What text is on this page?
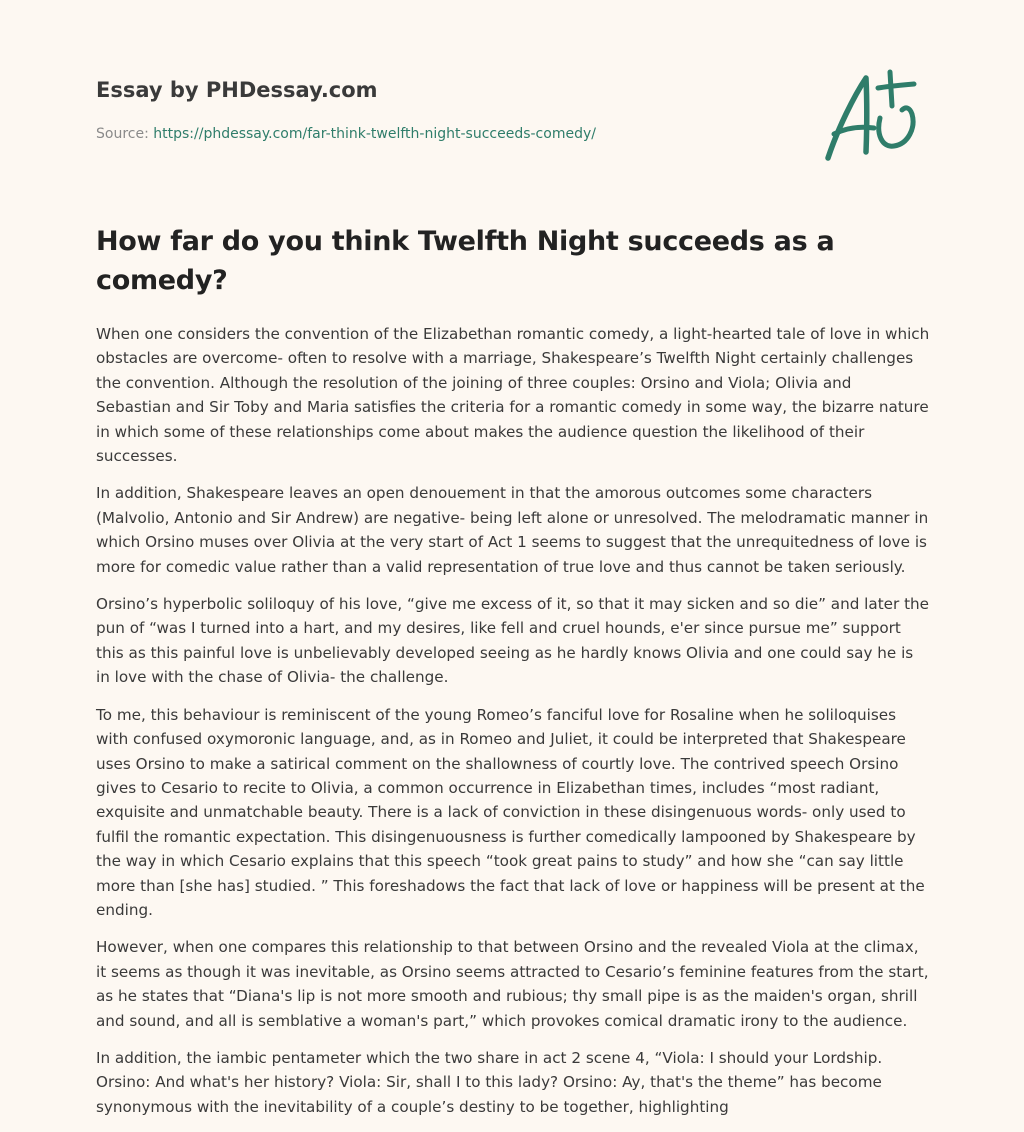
Essay by PHDessay.com
Source: https://phdessay.com/far-think-twelfth-night-succeeds-comedy/
How far do you think Twelfth Night succeeds as a comedy?

When one considers the convention of the Elizabethan romantic comedy, a light-hearted tale of love in which obstacles are overcome- often to resolve with a marriage, Shakespeare’s Twelfth Night certainly challenges the convention. Although the resolution of the joining of three couples: Orsino and Viola; Olivia and Sebastian and Sir Toby and Maria satisfies the criteria for a romantic comedy in some way, the bizarre nature in which some of these relationships come about makes the audience question the likelihood of their successes.

In addition, Shakespeare leaves an open denouement in that the amorous outcomes some characters (Malvolio, Antonio and Sir Andrew) are negative- being left alone or unresolved. The melodramatic manner in which Orsino muses over Olivia at the very start of Act 1 seems to suggest that the unrequitedness of love is more for comedic value rather than a valid representation of true love and thus cannot be taken seriously.

Orsino’s hyperbolic soliloquy of his love, “give me excess of it, so that it may sicken and so die” and later the pun of “was I turned into a hart, and my desires, like fell and cruel hounds, e'er since pursue me” support this as this painful love is unbelievably developed seeing as he hardly knows Olivia and one could say he is in love with the chase of Olivia- the challenge.

To me, this behaviour is reminiscent of the young Romeo’s fanciful love for Rosaline when he soliloquises with confused oxymoronic language, and, as in Romeo and Juliet, it could be interpreted that Shakespeare uses Orsino to make a satirical comment on the shallowness of courtly love. The contrived speech Orsino gives to Cesario to recite to Olivia, a common occurrence in Elizabethan times, includes “most radiant, exquisite and unmatchable beauty. There is a lack of conviction in these disingenuous words- only used to fulfil the romantic expectation. This disingenuousness is further comedically lampooned by Shakespeare by the way in which Cesario explains that this speech “took great pains to study” and how she “can say little more than [she has] studied. ” This foreshadows the fact that lack of love or happiness will be present at the ending.

However, when one compares this relationship to that between Orsino and the revealed Viola at the climax, it seems as though it was inevitable, as Orsino seems attracted to Cesario’s feminine features from the start, as he states that “Diana's lip is not more smooth and rubious; thy small pipe is as the maiden's organ, shrill and sound, and all is semblative a woman's part,” which provokes comical dramatic irony to the audience.

In addition, the iambic pentameter which the two share in act 2 scene 4, “Viola: I should your Lordship. Orsino: And what's her history? Viola: Sir, shall I to this lady? Orsino: Ay, that's the theme” has become synonymous with the inevitability of a couple’s destiny to be together, highlighting
